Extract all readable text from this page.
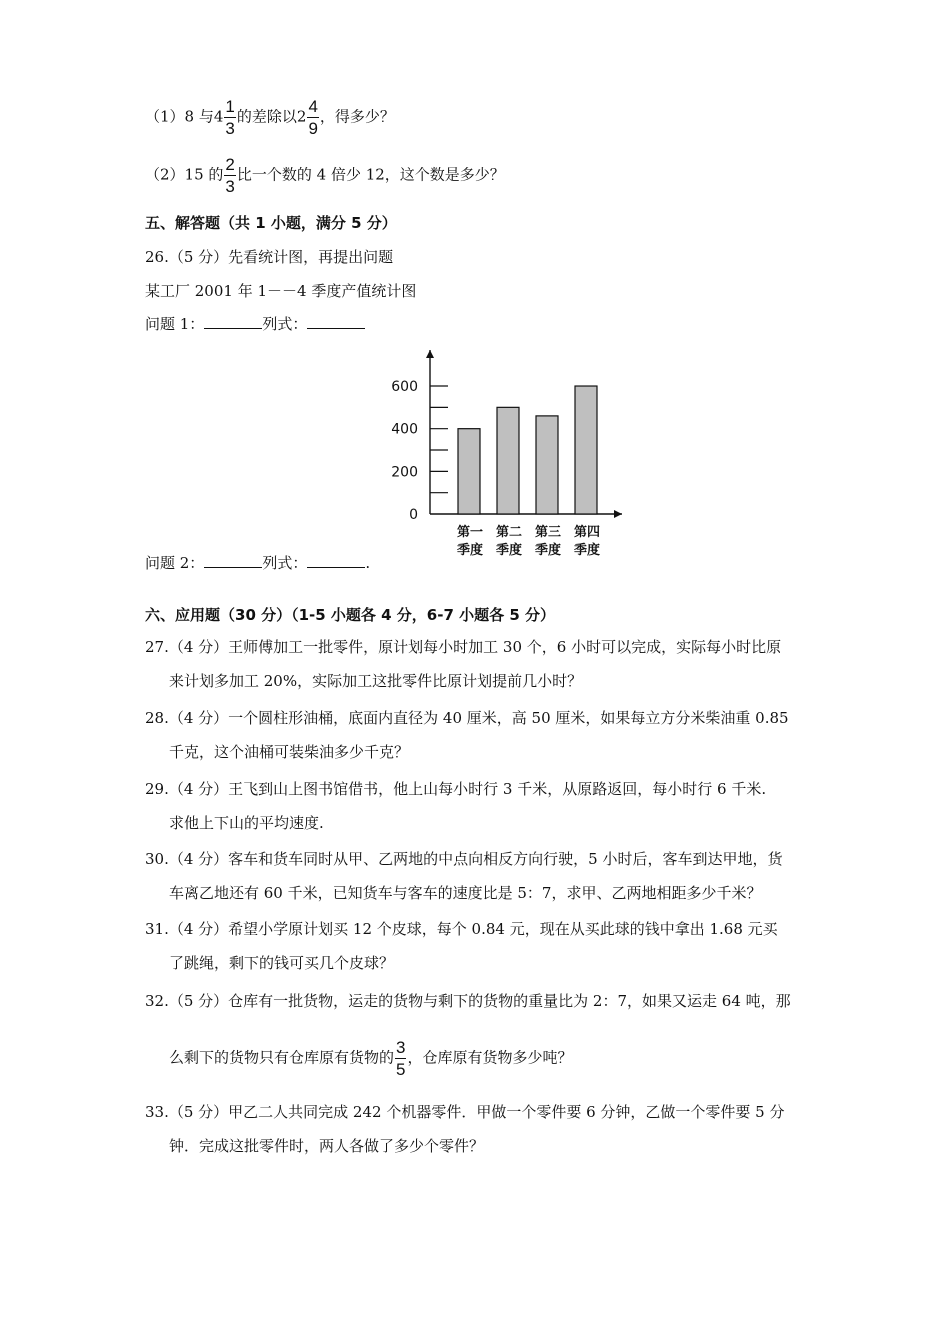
（1）8 与$4 \frac{1}{3}$ 的差除以$2 \frac{4}{9}$ ，得多少？
（2）15 的 $\frac{2}{3}$ 比一个数的 4 倍少 12，这个数是多少？
五、解答题（共 1 小题，满分 5 分）
26.（5 分）先看统计图，再提出问题
某工厂 2001 年 1－－4 季度产值统计图
问题 1：	列式：
0
200
400
600
第一
季度
第二
季度
第三
季度
第四
季度
问题 2：	列式：	.
六、应用题（30 分）（1-5 小题各 4 分，6-7 小题各 5 分）
27.（4 分）王师傅加工一批零件，原计划每小时加工 30 个，6 小时可以完成，实际每小时比原
来计划多加工 20%，实际加工这批零件比原计划提前几小时？
28.（4 分）一个圆柱形油桶，底面内直径为 40 厘米，高 50 厘米，如果每立方分米柴油重 0.85
千克，这个油桶可装柴油多少千克？
29.（4 分）王飞到山上图书馆借书，他上山每小时行 3 千米，从原路返回，每小时行 6 千米.
求他上下山的平均速度.
30.（4 分）客车和货车同时从甲、乙两地的中点向相反方向行驶，5 小时后，客车到达甲地，货
车离乙地还有 60 千米，已知货车与客车的速度比是 5：7，求甲、乙两地相距多少千米？
31.（4 分）希望小学原计划买 12 个皮球，每个 0.84 元，现在从买此球的钱中拿出 1.68 元买
了跳绳，剩下的钱可买几个皮球？
32.（5 分）仓库有一批货物，运走的货物与剩下的货物的重量比为 2：7，如果又运走 64 吨，那
么剩下的货物只有仓库原有货物的 $\frac{3}{5}$ ，仓库原有货物多少吨？
33.（5 分）甲乙二人共同完成 242 个机器零件．甲做一个零件要 6 分钟，乙做一个零件要 5 分
钟．完成这批零件时，两人各做了多少个零件？
